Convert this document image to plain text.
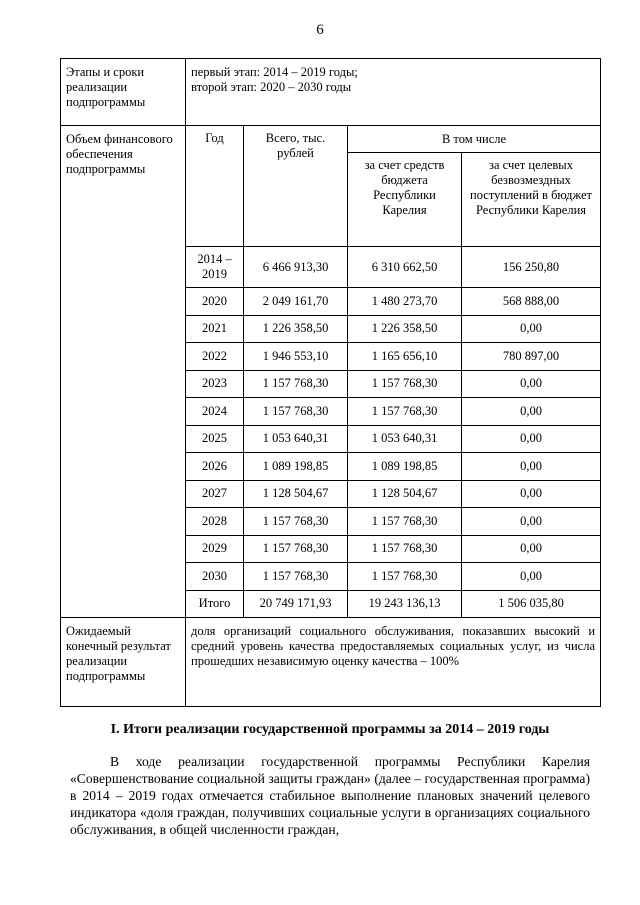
6
Этапы и сроки реализации подпрограммы	первый этап: 2014 – 2019 годы;
второй этап: 2020 – 2030 годы			

Объем финансового обеспечения подпрограммы	Год	Всего, тыс. рублей	В том числе	
			за счет средств бюджета Республики Карелия	за счет целевых безвозмездных поступлений в бюджет Республики Карелия
	2014 – 2019	6 466 913,30	6 310 662,50	156 250,80
	2020	2 049 161,70	1 480 273,70	568 888,00
	2021	1 226 358,50	1 226 358,50	0,00
	2022	1 946 553,10	1 165 656,10	780 897,00
	2023	1 157 768,30	1 157 768,30	0,00
	2024	1 157 768,30	1 157 768,30	0,00
	2025	1 053 640,31	1 053 640,31	0,00
	2026	1 089 198,85	1 089 198,85	0,00
	2027	1 128 504,67	1 128 504,67	0,00
	2028	1 157 768,30	1 157 768,30	0,00
	2029	1 157 768,30	1 157 768,30	0,00
	2030	1 157 768,30	1 157 768,30	0,00
	Итого	20 749 171,93	19 243 136,13	1 506 035,80
Ожидаемый конечный результат реализации подпрограммы	доля организаций социального обслуживания, показавших высокий и средний уровень качества предоставляемых социальных услуг, из числа прошедших независимую оценку качества – 100%			
I. Итоги реализации государственной программы за 2014 – 2019 годы

В ходе реализации государственной программы Республики Карелия «Совершенствование социальной защиты граждан» (далее – государственная программа) в 2014 – 2019 годах отмечается стабильное выполнение плановых значений целевого индикатора «доля граждан, получивших социальные услуги в организациях социального обслуживания, в общей численности граждан,
